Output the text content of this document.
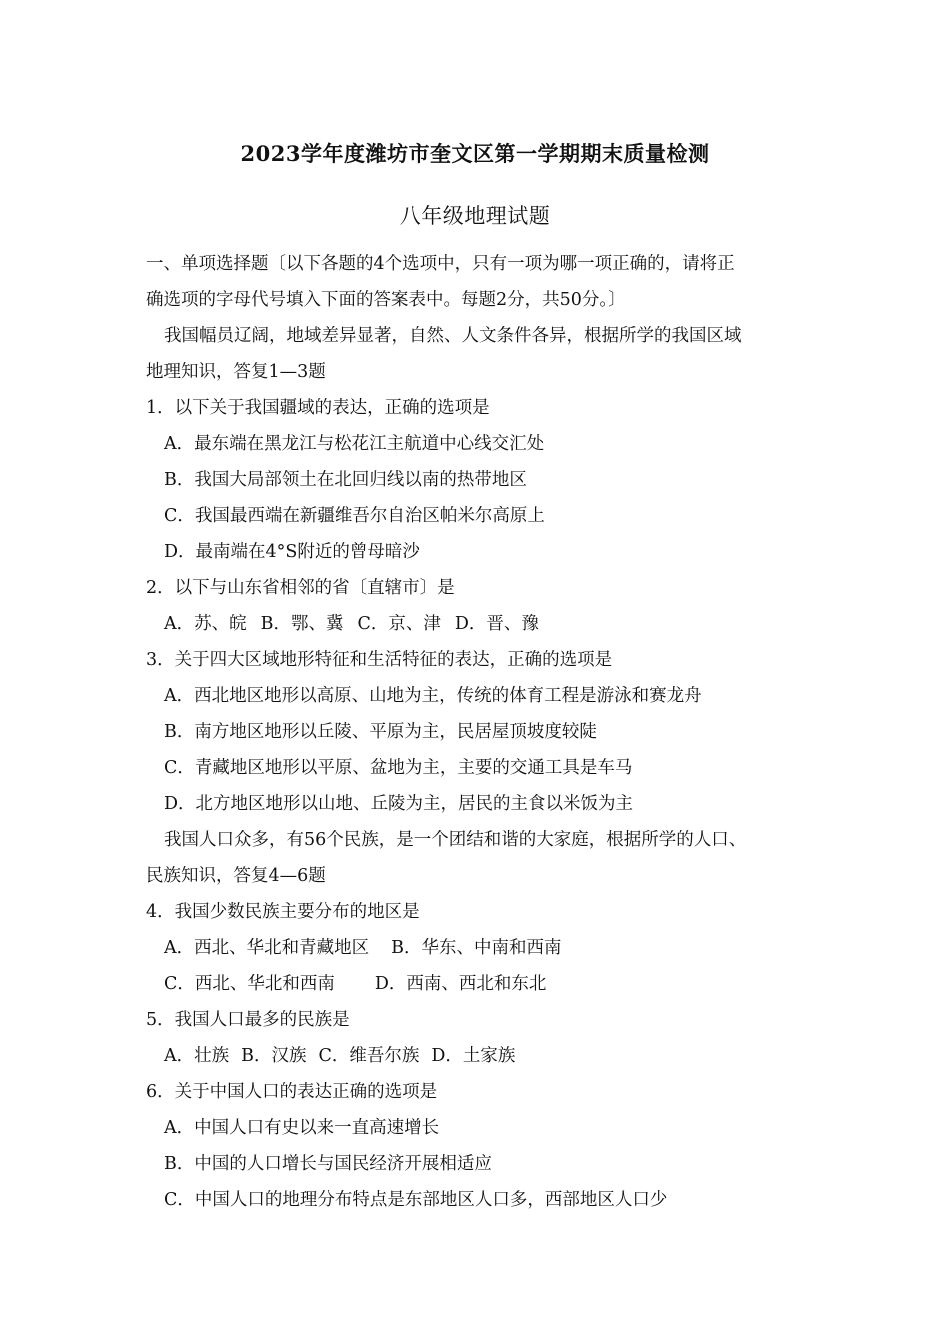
2023学年度潍坊市奎文区第一学期期末质量检测
八年级地理试题
一、单项选择题〔以下各题的4个选项中，只有一项为哪一项正确的，请将正
确选项的字母代号填入下面的答案表中。每题2分，共50分。〕
我国幅员辽阔，地域差异显著，自然、人文条件各异，根据所学的我国区域
地理知识，答复1—3题
1．以下关于我国疆域的表达，正确的选项是
A．最东端在黑龙江与松花江主航道中心线交汇处
B．我国大局部领土在北回归线以南的热带地区
C．我国最西端在新疆维吾尔自治区帕米尔高原上
D．最南端在4°S附近的曾母暗沙
2．以下与山东省相邻的省〔直辖市〕是
A．苏、皖 B．鄂、冀 C．京、津 D．晋、豫
3．关于四大区域地形特征和生活特征的表达，正确的选项是
A．西北地区地形以高原、山地为主，传统的体育工程是游泳和赛龙舟
B．南方地区地形以丘陵、平原为主，民居屋顶坡度较陡
C．青藏地区地形以平原、盆地为主，主要的交通工具是车马
D．北方地区地形以山地、丘陵为主，居民的主食以米饭为主
我国人口众多，有56个民族，是一个团结和谐的大家庭，根据所学的人口、
民族知识，答复4—6题
4．我国少数民族主要分布的地区是
A．西北、华北和青藏地区 B．华东、中南和西南
C．西北、华北和西南 D．西南、西北和东北
5．我国人口最多的民族是
A．壮族 B．汉族 C．维吾尔族 D．土家族
6．关于中国人口的表达正确的选项是
A．中国人口有史以来一直高速增长
B．中国的人口增长与国民经济开展相适应
C．中国人口的地理分布特点是东部地区人口多，西部地区人口少
